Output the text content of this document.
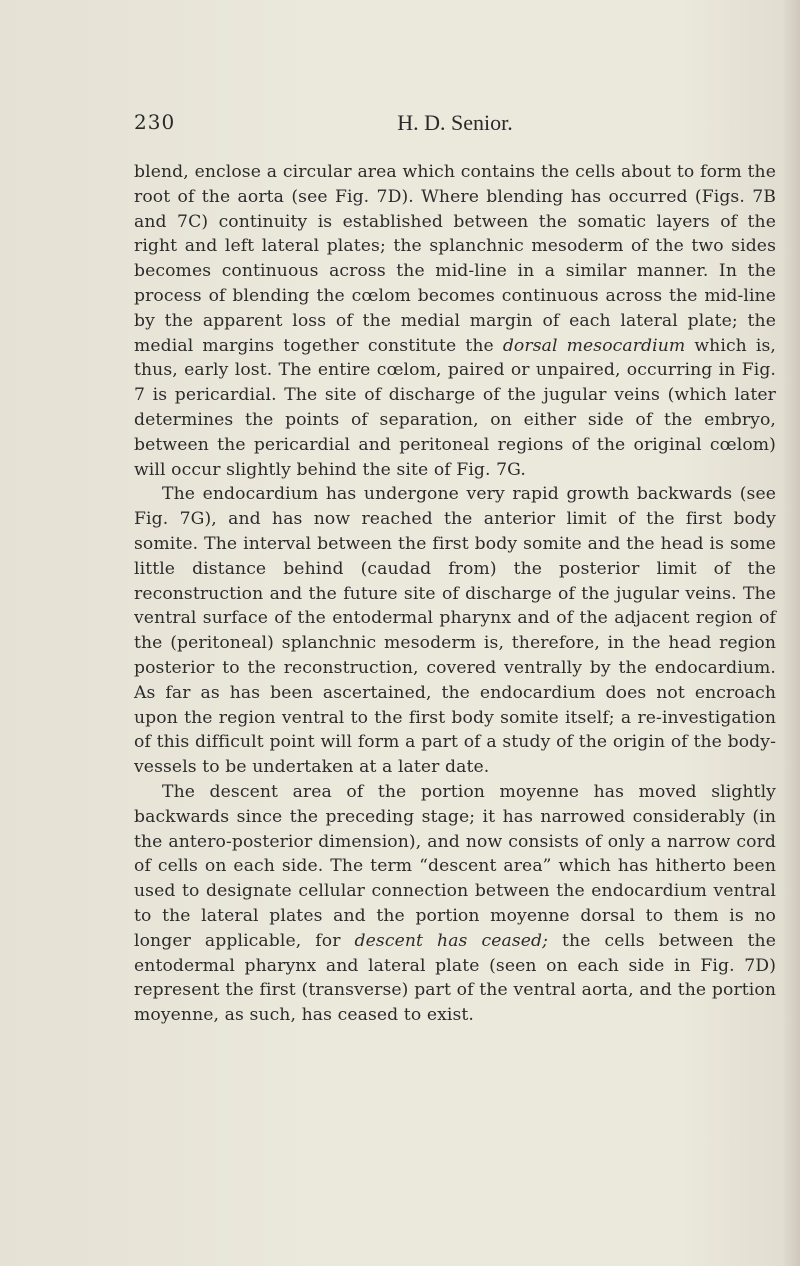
H. D. Senior.
230

blend, enclose a circular area which contains the cells about to form the root of the aorta (see Fig. 7D). Where blending has occurred (Figs. 7B and 7C) continuity is established between the somatic layers of the right and left lateral plates; the splanchnic mesoderm of the two sides becomes continuous across the mid-line in a similar manner. In the process of blending the cœlom becomes continuous across the mid-line by the apparent loss of the medial margin of each lateral plate; the medial margins together constitute the dorsal mesocardium which is, thus, early lost. The entire cœlom, paired or unpaired, occurring in Fig. 7 is pericardial. The site of discharge of the jugular veins (which later determines the points of separation, on either side of the embryo, between the pericardial and peritoneal regions of the original cœlom) will occur slightly behind the site of Fig. 7G.

The endocardium has undergone very rapid growth backwards (see Fig. 7G), and has now reached the anterior limit of the first body somite. The interval between the first body somite and the head is some little distance behind (caudad from) the posterior limit of the reconstruction and the future site of discharge of the jugular veins. The ventral surface of the entodermal pharynx and of the adjacent region of the (peritoneal) splanchnic mesoderm is, therefore, in the head region posterior to the reconstruction, covered ventrally by the endocardium. As far as has been ascertained, the endocardium does not encroach upon the region ventral to the first body somite itself; a re-investigation of this difficult point will form a part of a study of the origin of the body-vessels to be undertaken at a later date.

The descent area of the portion moyenne has moved slightly backwards since the preceding stage; it has narrowed considerably (in the antero-posterior dimension), and now consists of only a narrow cord of cells on each side. The term “descent area” which has hitherto been used to designate cellular connection between the endocardium ventral to the lateral plates and the portion moyenne dorsal to them is no longer applicable, for descent has ceased; the cells between the entodermal pharynx and lateral plate (seen on each side in Fig. 7D) represent the first (transverse) part of the ventral aorta, and the portion moyenne, as such, has ceased to exist.
